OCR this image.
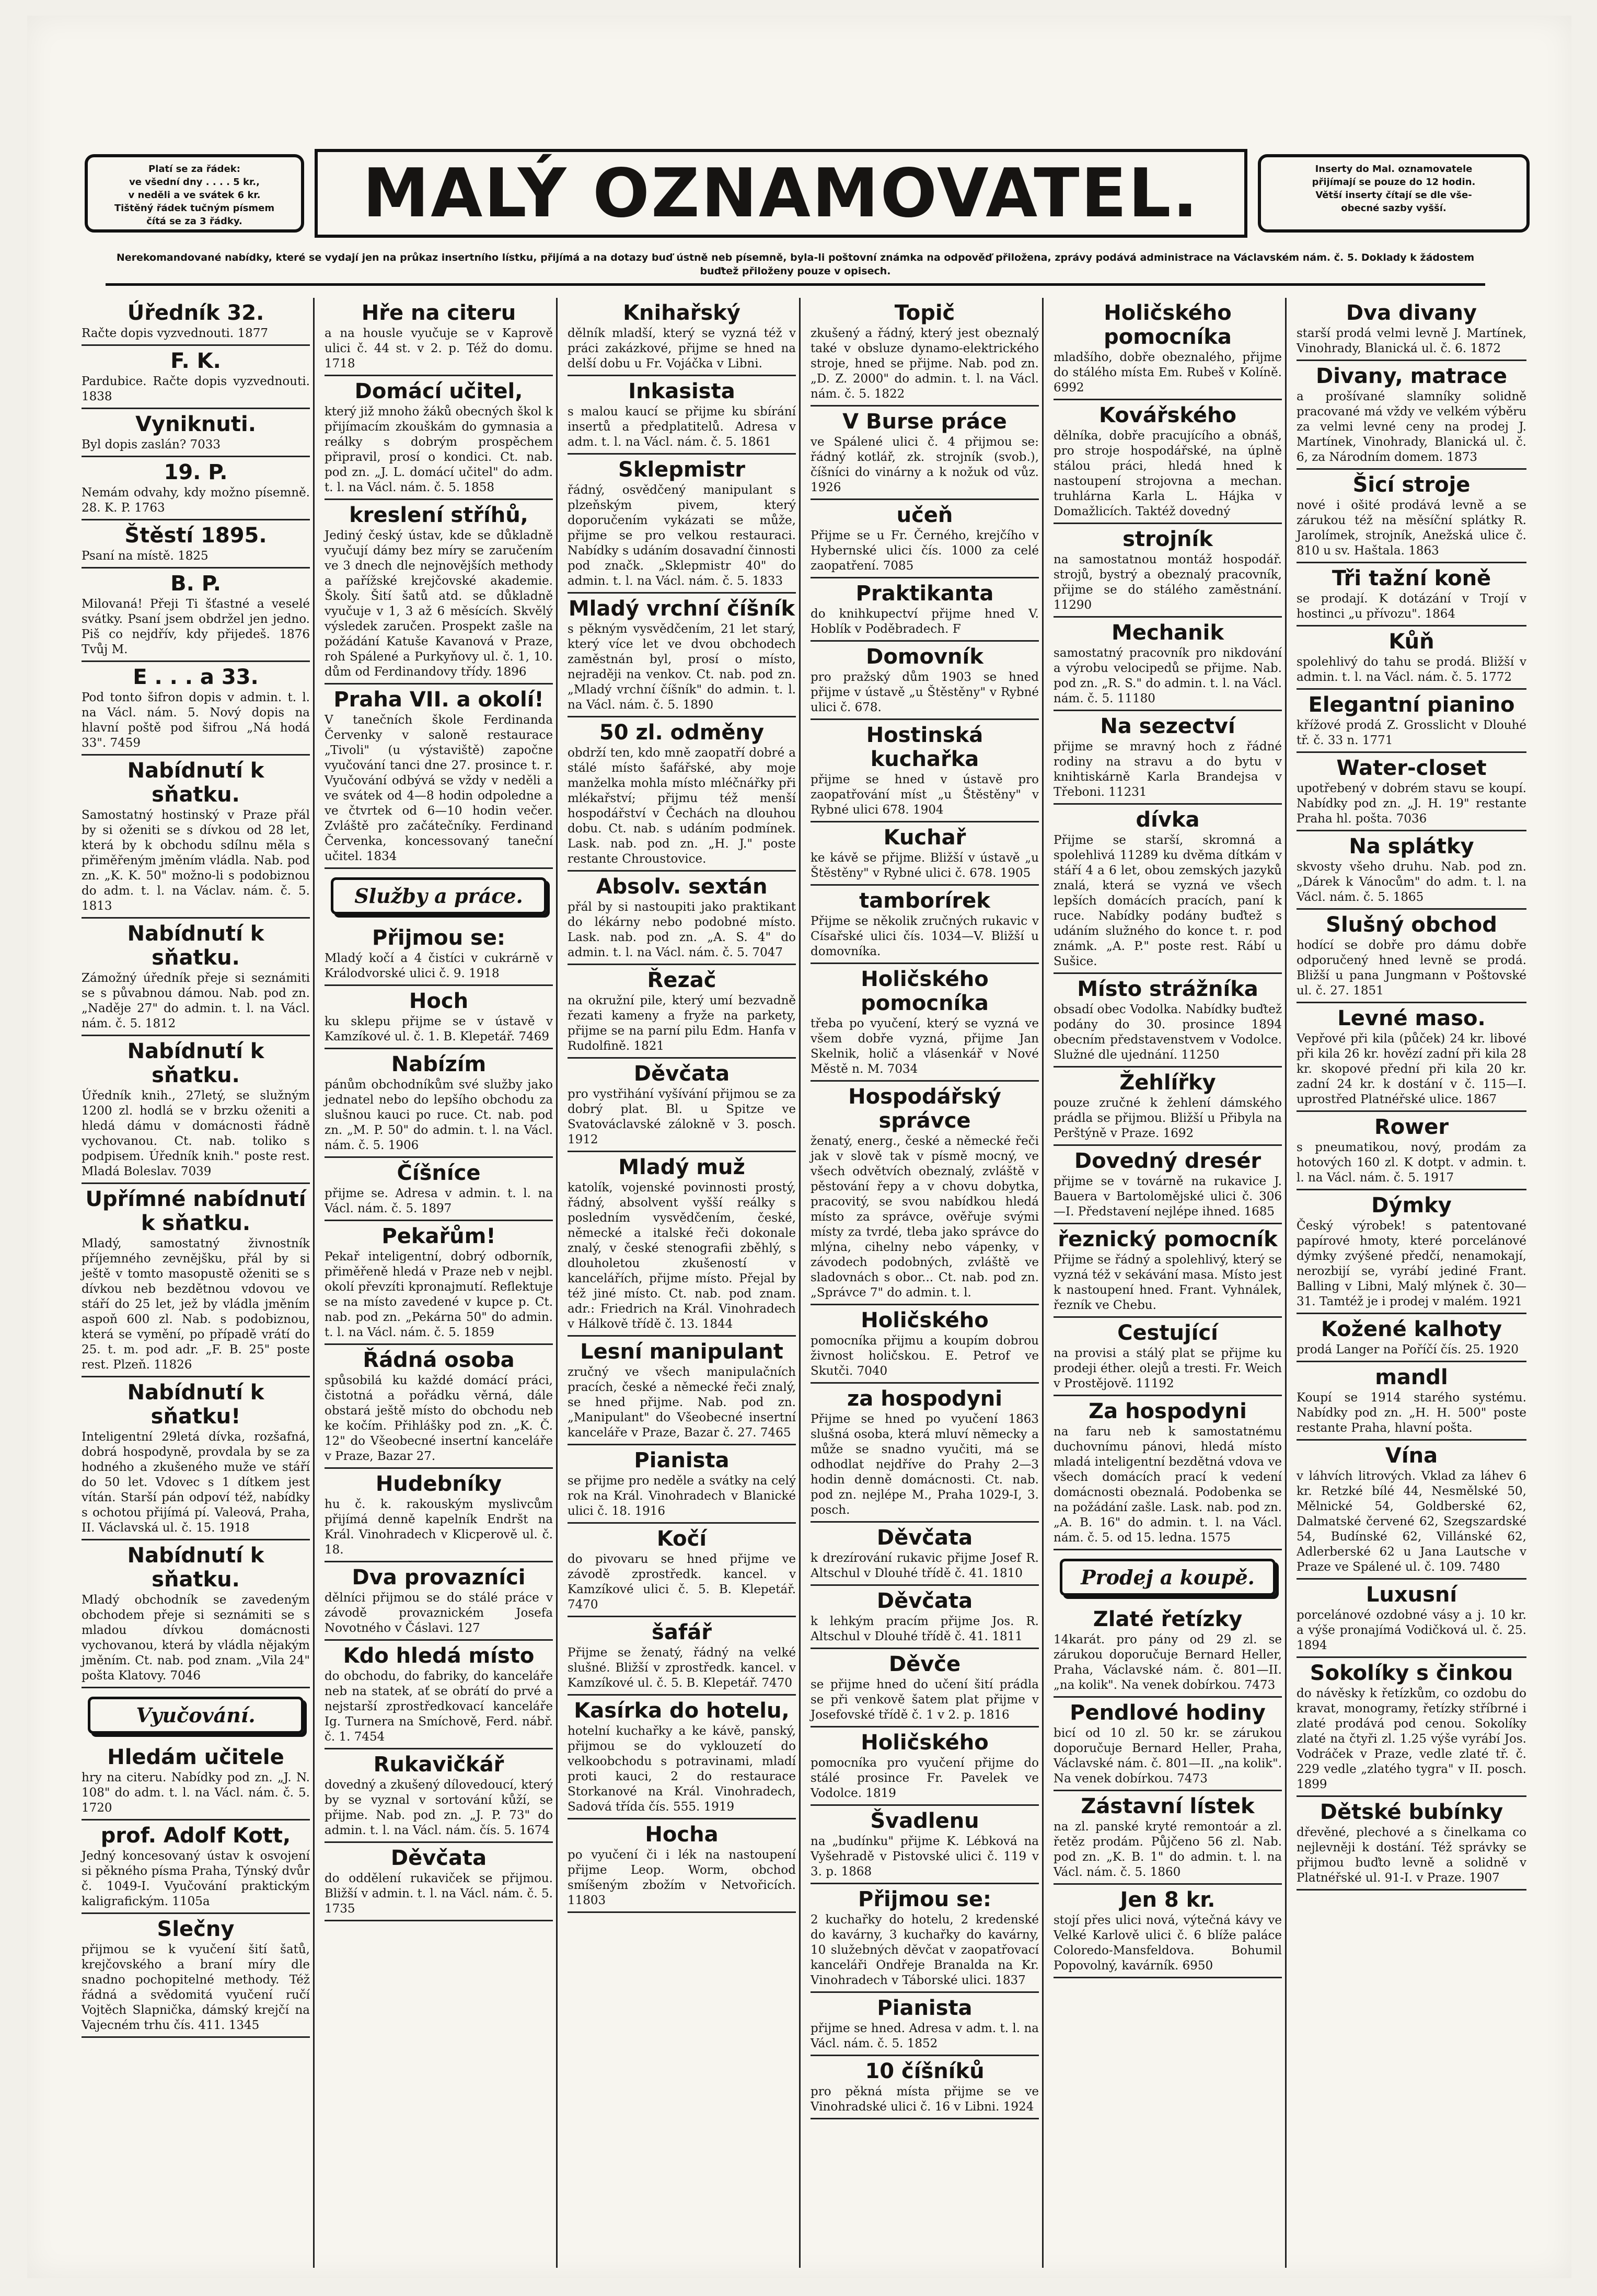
Platí se za řádek:
ve všední dny . . . . 5 kr.,
v neděli a ve svátek 6 kr.
Tištěný řádek tučným písmem
čítá se za 3 řádky.	MALÝ OZNAMOVATEL.	Inserty do Mal. oznamovatele
přijímají se pouze do 12 hodin.
Větší inserty čítají se dle vše-
obecné sazby vyšší.
Nerekomandované nabídky, které se vydají jen na průkaz insertního lístku, přijímá a na dotazy buď ústně neb písemně, byla-li poštovní známka na odpověď přiložena, zprávy podává administrace na Václavském nám. č. 5. Doklady k žádostem buďtež přiloženy pouze v opisech.
Úředník 32.

Račte dopis vyzvednouti. 1877

F. K.

Pardubice. Račte dopis vyzvednouti. 1838

Vyniknuti.

Byl dopis zaslán? 7033

19. P.

Nemám odvahy, kdy možno písemně. 28. K. P. 1763

Štěstí 1895.

Psaní na místě. 1825

B. P.

Milovaná! Přeji Ti šťastné a veselé svátky. Psaní jsem obdržel jen jedno. Piš co nejdřív, kdy přijedeš. 1876 Tvůj M.

E . . . a 33.

Pod tonto šifron dopis v admin. t. l. na Václ. nám. 5. Nový dopis na hlavní poště pod šifrou „Ná hodá 33". 7459

Nabídnutí k sňatku.

Samostatný hostinský v Praze přál by si oženiti se s dívkou od 28 let, která by k obchodu sdílnu měla s přiměřeným jměním vládla. Nab. pod zn. „K. K. 50" možno-li s podobiznou do adm. t. l. na Václav. nám. č. 5. 1813

Nabídnutí k sňatku.

Zámožný úředník přeje si seznámiti se s půvabnou dámou. Nab. pod zn. „Naděje 27" do admin. t. l. na Václ. nám. č. 5. 1812

Nabídnutí k sňatku.

Úředník knih., 27letý, se služným 1200 zl. hodlá se v brzku oženiti a hledá dámu v domácnosti řádně vychovanou. Ct. nab. toliko s podpisem. Úředník knih." poste rest. Mladá Boleslav. 7039

Upřímné nabídnutí k sňatku.

Mladý, samostatný živnostník příjemného zevnějšku, přál by si ještě v tomto masopustě oženiti se s dívkou neb bezdětnou vdovou ve stáří do 25 let, jež by vládla jměním aspoň 600 zl. Nab. s podobiznou, která se vymění, po případě vrátí do 25. t. m. pod adr. „F. B. 25" poste rest. Plzeň. 11826

Nabídnutí k sňatku!

Inteligentní 29letá dívka, rozšafná, dobrá hospodyně, provdala by se za hodného a zkušeného muže ve stáří do 50 let. Vdovec s 1 dítkem jest vítán. Starší pán odpoví též, nabídky s ochotou přijímá pí. Valeová, Praha, II. Václavská ul. č. 15. 1918

Nabídnutí k sňatku.

Mladý obchodník se zavedeným obchodem přeje si seznámiti se s mladou dívkou domácnosti vychovanou, která by vládla nějakým jměním. Ct. nab. pod znam. „Vila 24" pošta Klatovy. 7046

Vyučování.
Hledám učitele

hry na citeru. Nabídky pod zn. „J. N. 108" do adm. t. l. na Václ. nám. č. 5. 1720

prof. Adolf Kott,

Jedný koncesovaný ústav k osvojení si pěkného písma Praha, Týnský dvůr č. 1049-I. Vyučování praktickým kaligrafickým. 1105a

Slečny

přijmou se k vyučení šití šatů, krejčovského a braní míry dle snadno pochopitelné methody. Též řádná a svědomitá vyučení ručí Vojtěch Slapnička, dámský krejčí na Vajecném trhu čís. 411. 1345

Hře na citeru

a na housle vyučuje se v Kaprově ulici č. 44 st. v 2. p. Též do domu. 1718

Domácí učitel,

který již mnoho žáků obecných škol k přijímacím zkouškám do gymnasia a reálky s dobrým prospěchem připravil, prosí o kondici. Ct. nab. pod zn. „J. L. domácí učitel" do adm. t. l. na Václ. nám. č. 5. 1858

kreslení stříhů,

Jediný český ústav, kde se důkladně vyučují dámy bez míry se zaručením ve 3 dnech dle nejnovějších methody a pařížské krejčovské akademie. Školy. Šití šatů atd. se důkladně vyučuje v 1, 3 až 6 měsících. Skvělý výsledek zaručen. Prospekt zašle na požádání Katuše Kavanová v Praze, roh Spálené a Purkyňovy ul. č. 1, 10. dům od Ferdinandovy třídy. 1896

Praha VII. a okolí!

V tanečních škole Ferdinanda Červenky v saloně restaurace „Tivoli" (u výstaviště) započne vyučování tanci dne 27. prosince t. r. Vyučování odbývá se vždy v neděli a ve svátek od 4—8 hodin odpoledne a ve čtvrtek od 6—10 hodin večer. Zvláště pro začátečníky. Ferdinand Červenka, koncessovaný taneční učitel. 1834

Služby a práce.
Přijmou se:

Mladý kočí a 4 čistíci v cukrárně v Králodvorské ulici č. 9. 1918

Hoch

ku sklepu přijme se v ústavě v Kamzíkové ul. č. 1. B. Klepetář. 7469

Nabízím

pánům obchodníkům své služby jako jednatel nebo do lepšího obchodu za slušnou kauci po ruce. Ct. nab. pod zn. „M. P. 50" do admin. t. l. na Václ. nám. č. 5. 1906

Číšníce

přijme se. Adresa v admin. t. l. na Václ. nám. č. 5. 1897

Pekařům!

Pekař inteligentní, dobrý odborník, přiměřeně hledá v Praze neb v nejbl. okolí převzíti kpronajmutí. Reflektuje se na místo zavedené v kupce p. Ct. nab. pod zn. „Pekárna 50" do admin. t. l. na Václ. nám. č. 5. 1859

Řádná osoba

spůsobilá ku každé domácí práci, čistotná a pořádku věrná, dále obstará ještě místo do obchodu neb ke kočím. Přihlášky pod zn. „K. Č. 12" do Všeobecné insertní kanceláře v Praze, Bazar 27.

Hudebníky

hu č. k. rakouským myslivcům přijímá denně kapelník Endršt na Král. Vinohradech v Klicperově ul. č. 18.

Dva provazníci

dělníci přijmou se do stálé práce v závodě provaznickém Josefa Novotného v Čáslavi. 127

Kdo hledá místo

do obchodu, do fabriky, do kanceláře neb na statek, ať se obrátí do prvé a nejstarší zprostředkovací kanceláře Ig. Turnera na Smíchově, Ferd. nábř. č. 1. 7454

Rukavičkář

dovedný a zkušený dílovedoucí, který by se vyznal v sortování kůží, se přijme. Nab. pod zn. „J. P. 73" do admin. t. l. na Václ. nám. čís. 5. 1674

Děvčata

do oddělení rukaviček se přijmou. Bližší v admin. t. l. na Václ. nám. č. 5. 1735

Knihařský

dělník mladší, který se vyzná též v práci zakázkové, přijme se hned na delší dobu u Fr. Vojáčka v Libni.

Inkasista

s malou kaucí se přijme ku sbírání insertů a předplatitelů. Adresa v adm. t. l. na Václ. nám. č. 5. 1861

Sklepmistr

řádný, osvědčený manipulant s plzeňským pivem, který doporučením vykázati se může, přijme se pro velkou restauraci. Nabídky s udáním dosavadní činnosti pod značk. „Sklepmistr 40" do admin. t. l. na Václ. nám. č. 5. 1833

Mladý vrchní číšník

s pěkným vysvědčením, 21 let starý, který více let ve dvou obchodech zaměstnán byl, prosí o místo, nejraději na venkov. Ct. nab. pod zn. „Mladý vrchní číšník" do admin. t. l. na Václ. nám. č. 5. 1890

50 zl. odměny

obdrží ten, kdo mně zaopatří dobré a stálé místo šafářské, aby moje manželka mohla místo mléčnářky při mlékařství; přijmu též menší hospodářství v Čechách na dlouhou dobu. Ct. nab. s udáním podmínek. Lask. nab. pod zn. „H. J." poste restante Chroustovice.

Absolv. sextán

přál by si nastoupiti jako praktikant do lékárny nebo podobné místo. Lask. nab. pod zn. „A. S. 4" do admin. t. l. na Václ. nám. č. 5. 7047

Řezač

na okružní pile, který umí bezvadně řezati kameny a fryže na parkety, přijme se na parní pilu Edm. Hanfa v Rudolfině. 1821

Děvčata

pro vystřihání vyšívání přijmou se za dobrý plat. Bl. u Spitze ve Svatováclavské zálokně v 3. posch. 1912

Mladý muž

katolík, vojenské povinnosti prostý, řádný, absolvent vyšší reálky s posledním vysvědčením, české, německé a italské řeči dokonale znalý, v české stenografii zběhlý, s dlouholetou zkušeností v kancelářích, přijme místo. Přejal by též jiné místo. Ct. nab. pod znam. adr.: Friedrich na Král. Vinohradech v Hálkově třídě č. 13. 1844

Lesní manipulant

zručný ve všech manipulačních pracích, české a německé řeči znalý, se hned přijme. Nab. pod zn. „Manipulant" do Všeobecné insertní kanceláře v Praze, Bazar č. 27. 7465

Pianista

se přijme pro neděle a svátky na celý rok na Král. Vinohradech v Blanické ulici č. 18. 1916

Kočí

do pivovaru se hned přijme ve závodě zprostředk. kancel. v Kamzíkové ulici č. 5. B. Klepetář. 7470

šafář

Přijme se ženatý, řádný na velké slušné. Bližší v zprostředk. kancel. v Kamzíkové ul. č. 5. B. Klepetář. 7470

Kasírka do hotelu,

hotelní kuchařky a ke kávě, panský, přijmou se do vyklouzetí do velkoobchodu s potravinami, mladí proti kauci, 2 do restaurace Storkanové na Král. Vinohradech, Sadová třída čís. 555. 1919

Hocha

po vyučení či i lék na nastoupení přijme Leop. Worm, obchod smíšeným zbožím v Netvořicích. 11803

Topič

zkušený a řádný, který jest obeznalý také v obsluze dynamo-elektrického stroje, hned se přijme. Nab. pod zn. „D. Z. 2000" do admin. t. l. na Václ. nám. č. 5. 1822

V Burse práce

ve Spálené ulici č. 4 přijmou se: řádný kotlář, zk. strojník (svob.), číšníci do vinárny a k nožuk od vůz. 1926

učeň

Přijme se u Fr. Černého, krejčího v Hybernské ulici čís. 1000 za celé zaopatření. 7085

Praktikanta

do knihkupectví přijme hned V. Hoblík v Poděbradech. F

Domovník

pro pražský dům 1903 se hned přijme v ústavě „u Štěstěny" v Rybné ulici č. 678.

Hostinská kuchařka

přijme se hned v ústavě pro zaopatřování míst „u Štěstěny" v Rybné ulici 678. 1904

Kuchař

ke kávě se přijme. Bližší v ústavě „u Štěstěny" v Rybné ulici č. 678. 1905

tamborírek

Přijme se několik zručných rukavic v Císařské ulici čís. 1034—V. Bližší u domovníka.

Holičského pomocníka

třeba po vyučení, který se vyzná ve všem dobře vyzná, přijme Jan Skelnik, holič a vlásenkář v Nové Městě n. M. 7034

Hospodářský správce

ženatý, energ., české a německé řeči jak v slově tak v písmě mocný, ve všech odvětvích obeznalý, zvláště v pěstování řepy a v chovu dobytka, pracovitý, se svou nabídkou hledá místo za správce, ověřuje svými místy za tvrdé, tleba jako správce do mlýna, cihelny nebo vápenky, v závodech podobných, zvláště ve sladovnách s obor... Ct. nab. pod zn. „Správce 7" do admin. t. l.

Holičského

pomocníka přijmu a koupím dobrou živnost holičskou. E. Petrof ve Skutči. 7040

za hospodyni

Přijme se hned po vyučení 1863 slušná osoba, která mluví německy a může se snadno vyučiti, má se odhodlat nejdříve do Prahy 2—3 hodin denně domácnosti. Ct. nab. pod zn. nejlépe M., Praha 1029-I, 3. posch.

Děvčata

k drezírování rukavic přijme Josef R. Altschul v Dlouhé třídě č. 41. 1810

Děvčata

k lehkým pracím přijme Jos. R. Altschul v Dlouhé třídě č. 41. 1811

Děvče

se přijme hned do učení šití prádla se při venkově šatem plat přijme v Josefovské třídě č. 1 v 2. p. 1816

Holičského

pomocníka pro vyučení přijme do stálé prosince Fr. Pavelek ve Vodolce. 1819

Švadlenu

na „budínku" přijme K. Lébková na Vyšehradě v Pistovské ulici č. 119 v 3. p. 1868

Přijmou se:

2 kuchařky do hotelu, 2 kredenské do kavárny, 3 kuchařky do kavárny, 10 služebných děvčat v zaopatřovací kanceláři Ondřeje Branalda na Kr. Vinohradech v Táborské ulici. 1837

Pianista

přijme se hned. Adresa v adm. t. l. na Václ. nám. č. 5. 1852

10 číšníků

pro pěkná místa přijme se ve Vinohradské ulici č. 16 v Libni. 1924

Holičského pomocníka

mladšího, dobře obeznalého, přijme do stálého místa Em. Rubeš v Kolíně. 6992

Kovářského

dělníka, dobře pracujícího a obnáš, pro stroje hospodářské, na úplně stálou práci, hledá hned k nastoupení strojovna a mechan. truhlárna Karla L. Hájka v Domažlicích. Taktéž dovedný

strojník

na samostatnou montáž hospodář. strojů, bystrý a obeznalý pracovník, přijme se do stálého zaměstnání. 11290

Mechanik

samostatný pracovník pro nikdování a výrobu velocipedů se přijme. Nab. pod zn. „R. S." do admin. t. l. na Václ. nám. č. 5. 11180

Na sezectví

přijme se mravný hoch z řádné rodiny na stravu a do bytu v knihtiskárně Karla Brandejsa v Třeboni. 11231

dívka

Přijme se starší, skromná a spolehlivá 11289 ku dvěma dítkám v stáří 4 a 6 let, obou zemských jazyků znalá, která se vyzná ve všech lepších domácích pracích, paní k ruce. Nabídky podány buďtež s udáním služného do konce t. r. pod známk. „A. P." poste rest. Rábí u Sušice.

Místo strážníka

obsadí obec Vodolka. Nabídky buďtež podány do 30. prosince 1894 obecním představenstvem v Vodolce. Služné dle ujednání. 11250

Žehlířky

pouze zručné k žehlení dámského prádla se přijmou. Bližší u Přibyla na Perštýně v Praze. 1692

Dovedný dresér

přijme se v továrně na rukavice J. Bauera v Bartolomějské ulici č. 306—I. Představení nejlépe ihned. 1685

řeznický pomocník

Přijme se řádný a spolehlivý, který se vyzná též v sekávání masa. Místo jest k nastoupení hned. Frant. Vyhnálek, řezník ve Chebu.

Cestující

na provisi a stálý plat se přijme ku prodeji éther. olejů a tresti. Fr. Weich v Prostějově. 11192

Za hospodyni

na faru neb k samostatnému duchovnímu pánovi, hledá místo mladá inteligentní bezdětná vdova ve všech domácích prací k vedení domácnosti obeznalá. Podobenka se na požádání zašle. Lask. nab. pod zn. „A. B. 16" do admin. t. l. na Václ. nám. č. 5. od 15. ledna. 1575

Prodej a koupě.
Zlaté řetízky

14karát. pro pány od 29 zl. se zárukou doporučuje Bernard Heller, Praha, Václavské nám. č. 801—II. „na kolik". Na venek dobírkou. 7473

Pendlové hodiny

bicí od 10 zl. 50 kr. se zárukou doporučuje Bernard Heller, Praha, Václavské nám. č. 801—II. „na kolik". Na venek dobírkou. 7473

Zástavní lístek

na zl. panské kryté remontoár a zl. řetěz prodám. Půjčeno 56 zl. Nab. pod zn. „K. B. 1" do admin. t. l. na Václ. nám. č. 5. 1860

Jen 8 kr.

stojí přes ulici nová, výtečná kávy ve Velké Karlově ulici č. 6 blíže paláce Coloredo-Mansfeldova. Bohumil Popovolný, kavárník. 6950

Dva divany

starší prodá velmi levně J. Martínek, Vinohrady, Blanická ul. č. 6. 1872

Divany, matrace

a prošívané slamníky solidně pracované má vždy ve velkém výběru za velmi levné ceny na prodej J. Martínek, Vinohrady, Blanická ul. č. 6, za Národním domem. 1873

Šicí stroje

nové i ošité prodává levně a se zárukou též na měsíční splátky R. Jarolímek, strojník, Anežská ulice č. 810 u sv. Haštala. 1863

Tři tažní koně

se prodají. K dotázání v Trojí v hostinci „u přívozu". 1864

Kůň

spolehlivý do tahu se prodá. Bližší v admin. t. l. na Václ. nám. č. 5. 1772

Elegantní pianino

křížové prodá Z. Grosslicht v Dlouhé tř. č. 33 n. 1771

Water-closet

upotřebený v dobrém stavu se koupí. Nabídky pod zn. „J. H. 19" restante Praha hl. pošta. 7036

Na splátky

skvosty všeho druhu. Nab. pod zn. „Dárek k Vánocům" do adm. t. l. na Václ. nám. č. 5. 1865

Slušný obchod

hodící se dobře pro dámu dobře odporučený hned levně se prodá. Bližší u pana Jungmann v Poštovské ul. č. 27. 1851

Levné maso.

Vepřové při kila (půček) 24 kr. libové při kila 26 kr. hovězí zadní při kila 28 kr. skopové přední při kila 20 kr. zadní 24 kr. k dostání v č. 115—I. uprostřed Platnéřské ulice. 1867

Rower

s pneumatikou, nový, prodám za hotových 160 zl. K dotpt. v admin. t. l. na Václ. nám. č. 5. 1917

Dýmky

Český výrobek! s patentované papírové hmoty, které porcelánové dýmky zvýšené předčí, nenamokají, nerozbijí se, vyrábí jediné Frant. Balling v Libni, Malý mlýnek č. 30—31. Tamtéž je i prodej v malém. 1921

Kožené kalhoty

prodá Langer na Poříčí čís. 25. 1920

mandl

Koupí se 1914 starého systému. Nabídky pod zn. „H. H. 500" poste restante Praha, hlavní pošta.

Vína

v láhvích litrových. Vklad za láhev 6 kr. Retzké bílé 44, Nesmělské 50, Mělnické 54, Goldberské 62, Dalmatské červené 62, Szegszardské 54, Budínské 62, Villánské 62, Adlerberské 62 u Jana Lautsche v Praze ve Spálené ul. č. 109. 7480

Luxusní

porcelánové ozdobné vásy a j. 10 kr. a výše pronajímá Vodičková ul. č. 25. 1894

Sokolíky s činkou

do návěsky k řetízkům, co ozdobu do kravat, monogramy, řetízky stříbrné i zlaté prodává pod cenou. Sokolíky zlaté na čtyři zl. 1.25 výše vyrábí Jos. Vodráček v Praze, vedle zlaté tř. č. 229 vedle „zlatého tygra" v II. posch. 1899

Dětské bubínky

dřevěné, plechové a s činelkama co nejlevněji k dostání. Též správky se přijmou buďto levně a solidně v Platnéřské ul. 91-I. v Praze. 1907
